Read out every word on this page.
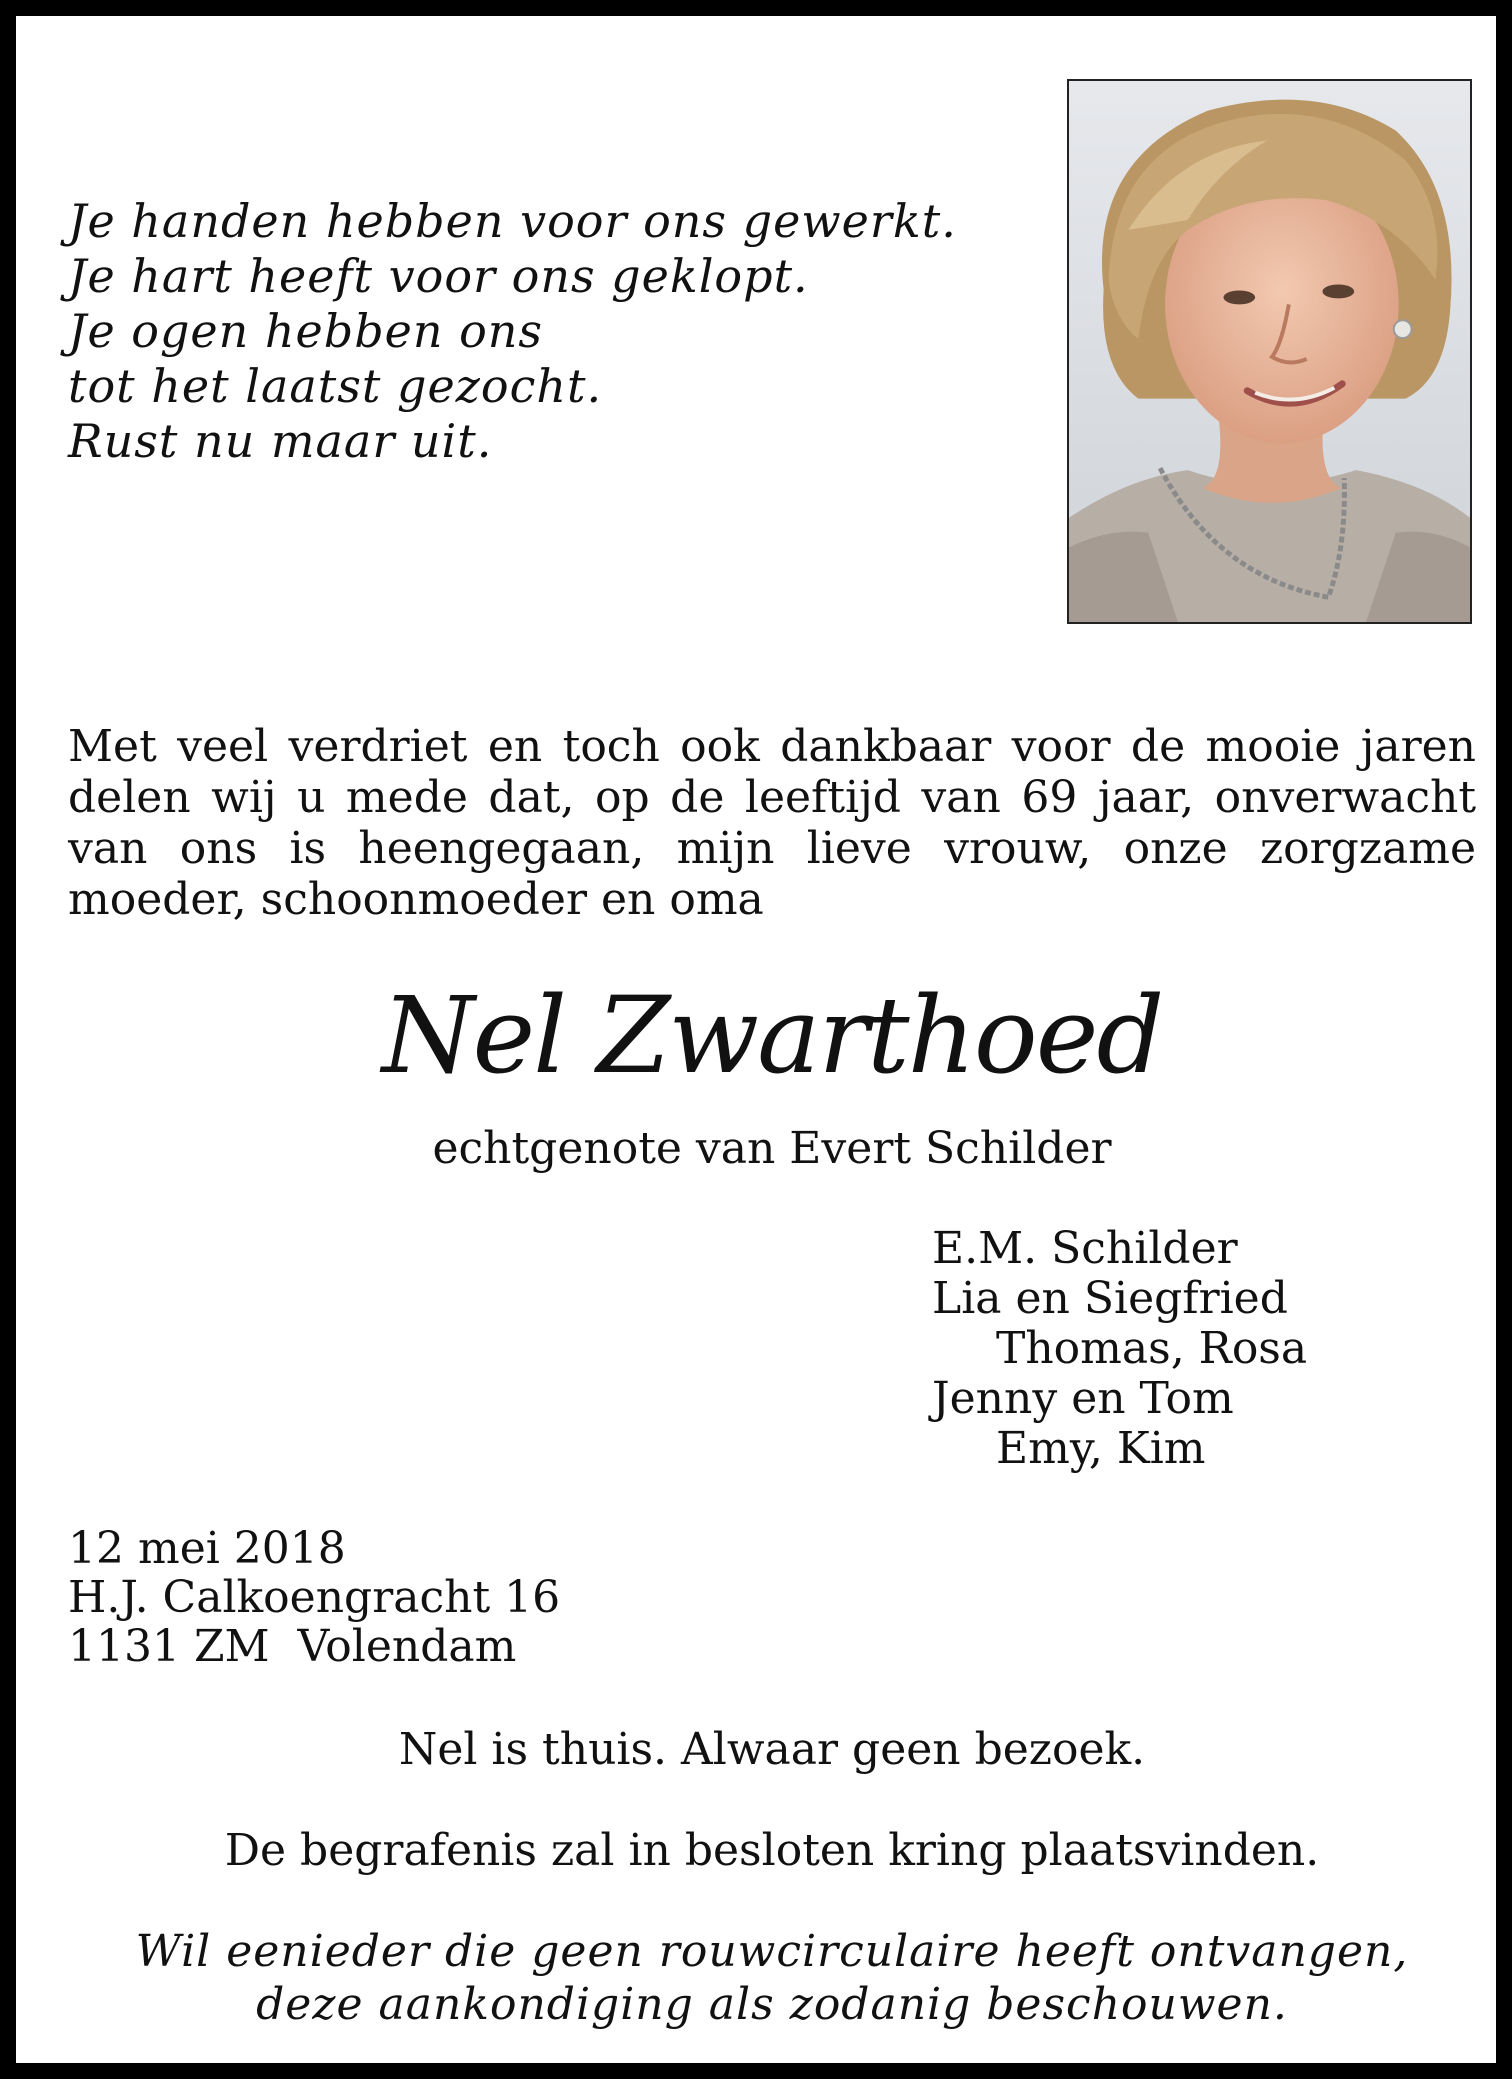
Je handen hebben voor ons gewerkt.
Je hart heeft voor ons geklopt.
Je ogen hebben ons
tot het laatst gezocht.
Rust nu maar uit.
Met veel verdriet en toch ook dankbaar voor de mooie jaren delen wij u mede dat, op de leeftijd van 69 jaar, onverwacht van ons is heengegaan, mijn lieve vrouw, onze zorgzame moeder, schoonmoeder en oma
Nel Zwarthoed
echtgenote van Evert Schilder
E.M. Schilder
Lia en Siegfried
Thomas, Rosa
Jenny en Tom
Emy, Kim
12 mei 2018
H.J. Calkoengracht 16
1131 ZM  Volendam
Nel is thuis. Alwaar geen bezoek.
De begrafenis zal in besloten kring plaatsvinden.
Wil eenieder die geen rouwcirculaire heeft ontvangen,
deze aankondiging als zodanig beschouwen.
